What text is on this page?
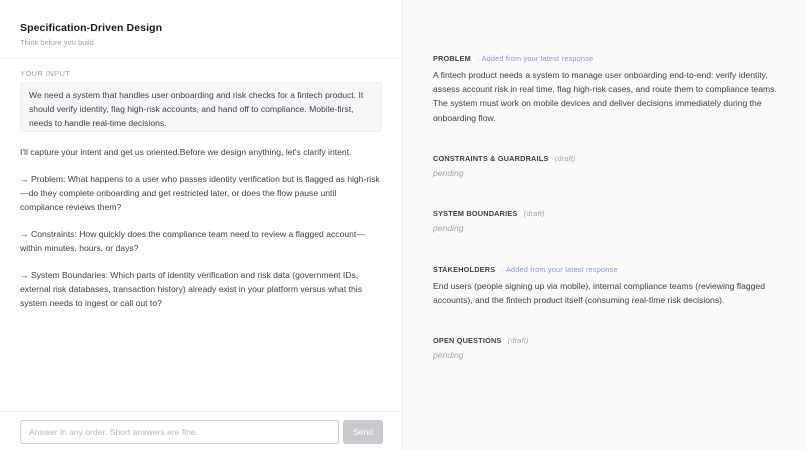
Specification-Driven Design
Think before you build
YOUR INPUT
We need a system that handles user onboarding and risk checks for a fintech product. It should verify identity, flag high-risk accounts, and hand off to compliance. Mobile-first, needs to handle real-time decisions.

I'll capture your intent and get us oriented.Before we design anything, let's clarify intent.

→ Problem: What happens to a user who passes identity verification but is flagged as high-risk—do they complete onboarding and get restricted later, or does the flow pause until compliance reviews them?

→ Constraints: How quickly does the compliance team need to review a flagged account—within minutes, hours, or days?

→ System Boundaries: Which parts of identity verification and risk data (government IDs, external risk databases, transaction history) already exist in your platform versus what this system needs to ingest or call out to?

Answer in any order. Short answers are fine.
Send
PROBLEM · Added from your latest response
A fintech product needs a system to manage user onboarding end-to-end: verify identity, assess account risk in real time, flag high-risk cases, and route them to compliance teams. The system must work on mobile devices and deliver decisions immediately during the onboarding flow.
CONSTRAINTS & GUARDRAILS (draft)
pending
SYSTEM BOUNDARIES (draft)
pending
STAKEHOLDERS · Added from your latest response
End users (people signing up via mobile), internal compliance teams (reviewing flagged accounts), and the fintech product itself (consuming real-time risk decisions).
OPEN QUESTIONS (draft)
pending
